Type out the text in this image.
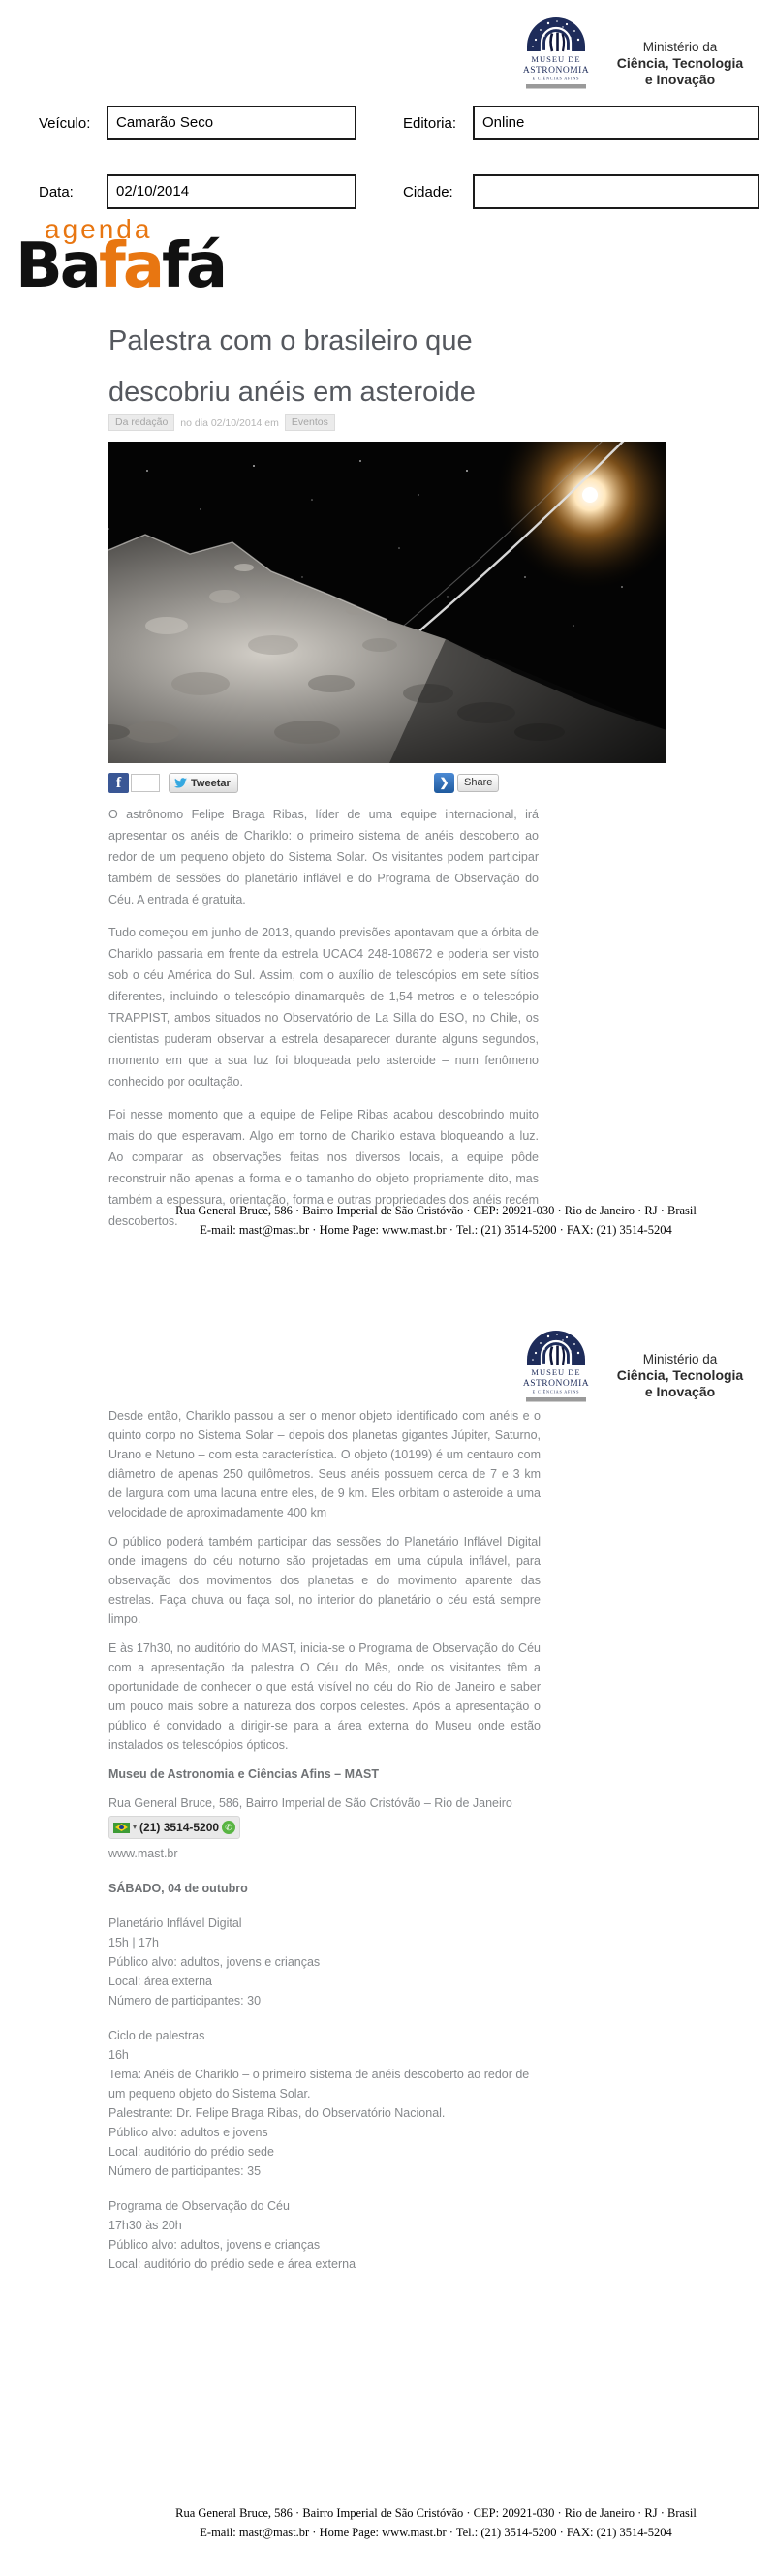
MUSEU DE
ASTRONOMIA
E CIÊNCIAS AFINS
Ministério da
Ciência, Tecnologia
e Inovação
Veículo:	Camarão Seco	Editoria:	Online
Data:	02/10/2014	Cidade:
agenda
Bafafá
Palestra com o brasileiro que
descobriu anéis em asteroide
Da redação	no dia 02/10/2014 em	Eventos
f	Tweetar	❯	Share

O astrônomo Felipe Braga Ribas, líder de uma equipe internacional, irá apresentar os anéis de Chariklo: o primeiro sistema de anéis descoberto ao redor de um pequeno objeto do Sistema Solar. Os visitantes podem participar também de sessões do planetário inflável e do Programa de Observação do Céu. A entrada é gratuita.

Tudo começou em junho de 2013, quando previsões apontavam que a órbita de Chariklo passaria em frente da estrela UCAC4 248-108672 e poderia ser visto sob o céu América do Sul. Assim, com o auxílio de telescópios em sete sítios diferentes, incluindo o telescópio dinamarquês de 1,54 metros e o telescópio TRAPPIST, ambos situados no Observatório de La Silla do ESO, no Chile, os cientistas puderam observar a estrela desaparecer durante alguns segundos, momento em que a sua luz foi bloqueada pelo asteroide – num fenômeno conhecido por ocultação.

Foi nesse momento que a equipe de Felipe Ribas acabou descobrindo muito mais do que esperavam. Algo em torno de Chariklo estava bloqueando a luz. Ao comparar as observações feitas nos diversos locais, a equipe pôde reconstruir não apenas a forma e o tamanho do objeto propriamente dito, mas também a espessura, orientação, forma e outras propriedades dos anéis recém descobertos.

Rua General Bruce, 586 · Bairro Imperial de São Cristóvão · CEP: 20921-030 · Rio de Janeiro · RJ · Brasil
E-mail: mast@mast.br · Home Page: www.mast.br · Tel.: (21) 3514-5200 · FAX: (21) 3514-5204
MUSEU DE
ASTRONOMIA
E CIÊNCIAS AFINS
Ministério da
Ciência, Tecnologia
e Inovação

Desde então, Chariklo passou a ser o menor objeto identificado com anéis e o quinto corpo no Sistema Solar – depois dos planetas gigantes Júpiter, Saturno, Urano e Netuno – com esta característica. O objeto (10199) é um centauro com diâmetro de apenas 250 quilômetros. Seus anéis possuem cerca de 7 e 3 km de largura com uma lacuna entre eles, de 9 km. Eles orbitam o asteroide a uma velocidade de aproximadamente 400 km

O público poderá também participar das sessões do Planetário Inflável Digital onde imagens do céu noturno são projetadas em uma cúpula inflável, para observação dos movimentos dos planetas e do movimento aparente das estrelas. Faça chuva ou faça sol, no interior do planetário o céu está sempre limpo.

E às 17h30, no auditório do MAST, inicia-se o Programa de Observação do Céu com a apresentação da palestra O Céu do Mês, onde os visitantes têm a oportunidade de conhecer o que está visível no céu do Rio de Janeiro e saber um pouco mais sobre a natureza dos corpos celestes. Após a apresentação o público é convidado a dirigir-se para a área externa do Museu onde estão instalados os telescópios ópticos.

Museu de Astronomia e Ciências Afins – MAST
Rua General Bruce, 586, Bairro Imperial de São Cristóvão – Rio de Janeiro
▾ (21) 3514-5200 ✆
www.mast.br
SÁBADO, 04 de outubro
Planetário Inflável Digital
15h | 17h
Público alvo: adultos, jovens e crianças
Local: área externa
Número de participantes: 30
Ciclo de palestras
16h
Tema: Anéis de Chariklo – o primeiro sistema de anéis descoberto ao redor de um pequeno objeto do Sistema Solar.
Palestrante: Dr. Felipe Braga Ribas, do Observatório Nacional.
Público alvo: adultos e jovens
Local: auditório do prédio sede
Número de participantes: 35
Programa de Observação do Céu
17h30 às 20h
Público alvo: adultos, jovens e crianças
Local: auditório do prédio sede e área externa
Rua General Bruce, 586 · Bairro Imperial de São Cristóvão · CEP: 20921-030 · Rio de Janeiro · RJ · Brasil
E-mail: mast@mast.br · Home Page: www.mast.br · Tel.: (21) 3514-5200 · FAX: (21) 3514-5204
